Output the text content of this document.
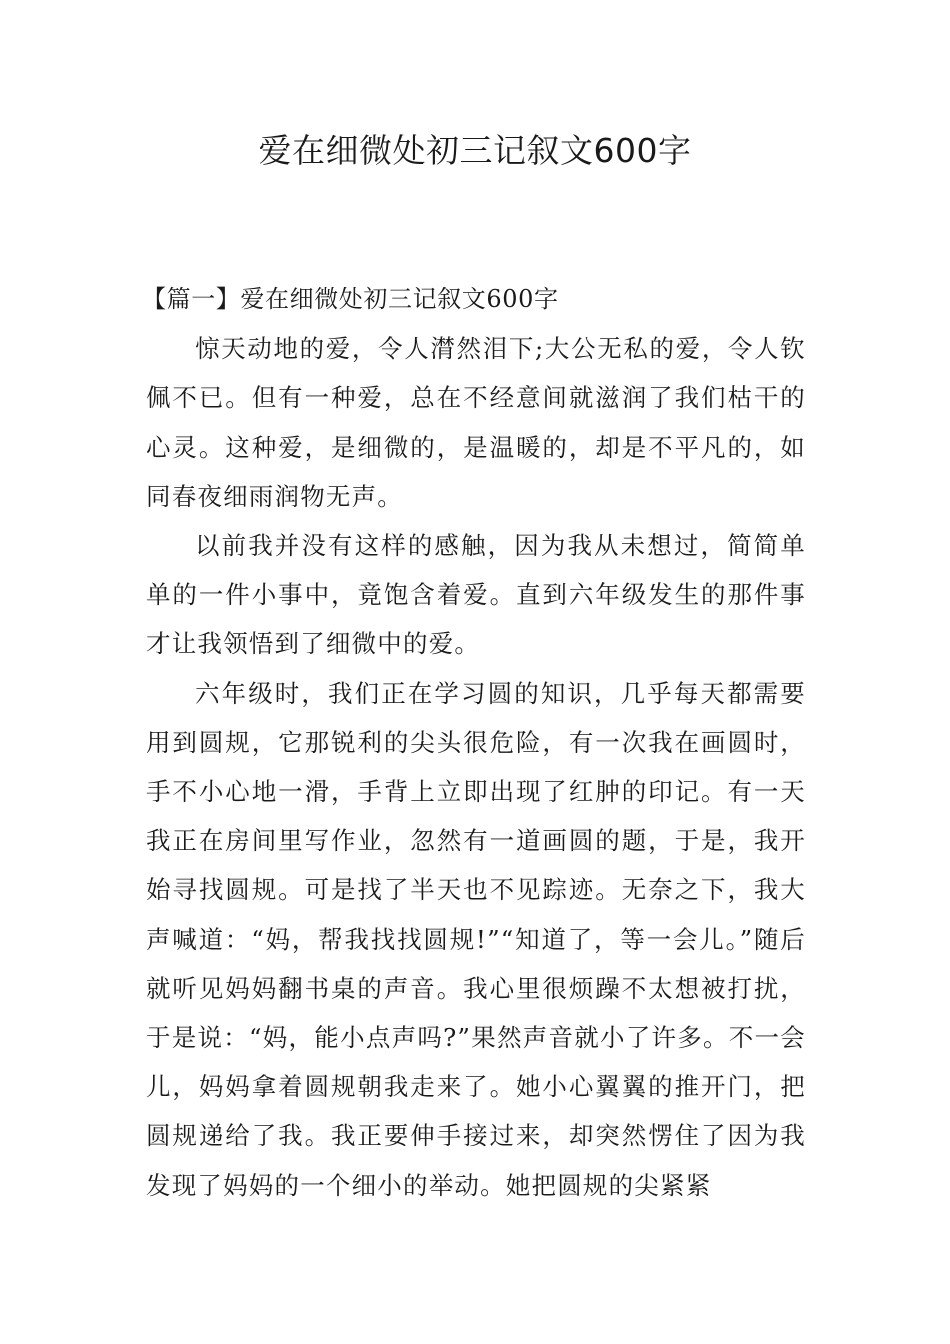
爱在细微处初三记叙文600字

【篇一】爱在细微处初三记叙文600字

惊天动地的爱，令人潸然泪下;大公无私的爱，令人钦佩不已。但有一种爱，总在不经意间就滋润了我们枯干的心灵。这种爱，是细微的，是温暖的，却是不平凡的，如同春夜细雨润物无声。

以前我并没有这样的感触，因为我从未想过，简简单单的一件小事中，竟饱含着爱。直到六年级发生的那件事才让我领悟到了细微中的爱。

六年级时，我们正在学习圆的知识，几乎每天都需要用到圆规，它那锐利的尖头很危险，有一次我在画圆时，手不小心地一滑，手背上立即出现了红肿的印记。有一天我正在房间里写作业，忽然有一道画圆的题，于是，我开始寻找圆规。可是找了半天也不见踪迹。无奈之下，我大声喊道：“妈，帮我找找圆规!”“知道了，等一会儿。”随后就听见妈妈翻书桌的声音。我心里很烦躁不太想被打扰，于是说：“妈，能小点声吗?”果然声音就小了许多。不一会儿，妈妈拿着圆规朝我走来了。她小心翼翼的推开门，把圆规递给了我。我正要伸手接过来，却突然愣住了因为我发现了妈妈的一个细小的举动。她把圆规的尖紧紧
